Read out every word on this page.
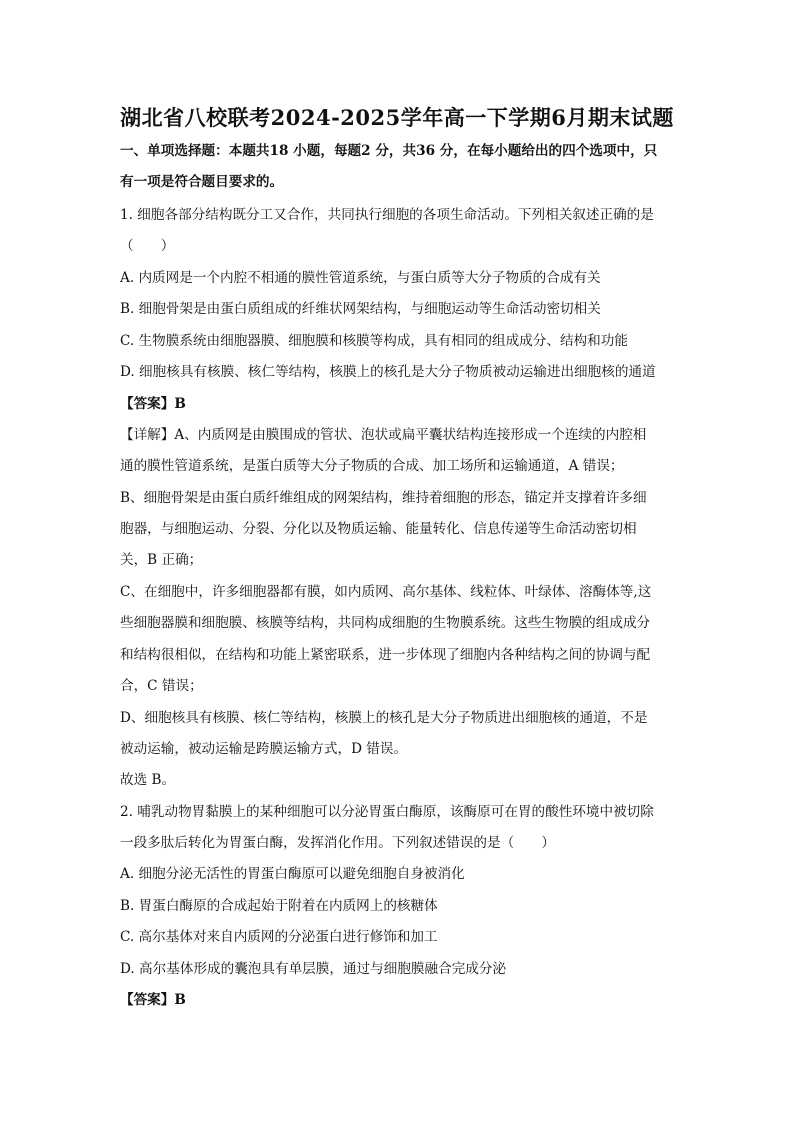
湖北省八校联考2024-2025学年高一下学期6月期末试题
一、单项选择题：本题共18 小题，每题2 分，共36 分，在每小题给出的四个选项中，只
有一项是符合题目要求的。
1. 细胞各部分结构既分工又合作，共同执行细胞的各项生命活动。下列相关叙述正确的是
（　　）
A. 内质网是一个内腔不相通的膜性管道系统，与蛋白质等大分子物质的合成有关
B. 细胞骨架是由蛋白质组成的纤维状网架结构，与细胞运动等生命活动密切相关
C. 生物膜系统由细胞器膜、细胞膜和核膜等构成，具有相同的组成成分、结构和功能
D. 细胞核具有核膜、核仁等结构，核膜上的核孔是大分子物质被动运输进出细胞核的通道
【答案】B
【详解】A、内质网是由膜围成的管状、泡状或扁平囊状结构连接形成一个连续的内腔相
通的膜性管道系统，是蛋白质等大分子物质的合成、加工场所和运输通道，A 错误；
B、细胞骨架是由蛋白质纤维组成的网架结构，维持着细胞的形态，锚定并支撑着许多细
胞器，与细胞运动、分裂、分化以及物质运输、能量转化、信息传递等生命活动密切相
关，B 正确；
C、在细胞中，许多细胞器都有膜，如内质网、高尔基体、线粒体、叶绿体、溶酶体等,这
些细胞器膜和细胞膜、核膜等结构，共同构成细胞的生物膜系统。这些生物膜的组成成分
和结构很相似，在结构和功能上紧密联系，进一步体现了细胞内各种结构之间的协调与配
合，C 错误；
D、细胞核具有核膜、核仁等结构，核膜上的核孔是大分子物质进出细胞核的通道，不是
被动运输，被动运输是跨膜运输方式，D 错误。
故选 B。
2. 哺乳动物胃黏膜上的某种细胞可以分泌胃蛋白酶原，该酶原可在胃的酸性环境中被切除
一段多肽后转化为胃蛋白酶，发挥消化作用。下列叙述错误的是（　　）
A. 细胞分泌无活性的胃蛋白酶原可以避免细胞自身被消化
B. 胃蛋白酶原的合成起始于附着在内质网上的核糖体
C. 高尔基体对来自内质网的分泌蛋白进行修饰和加工
D. 高尔基体形成的囊泡具有单层膜，通过与细胞膜融合完成分泌
【答案】B
